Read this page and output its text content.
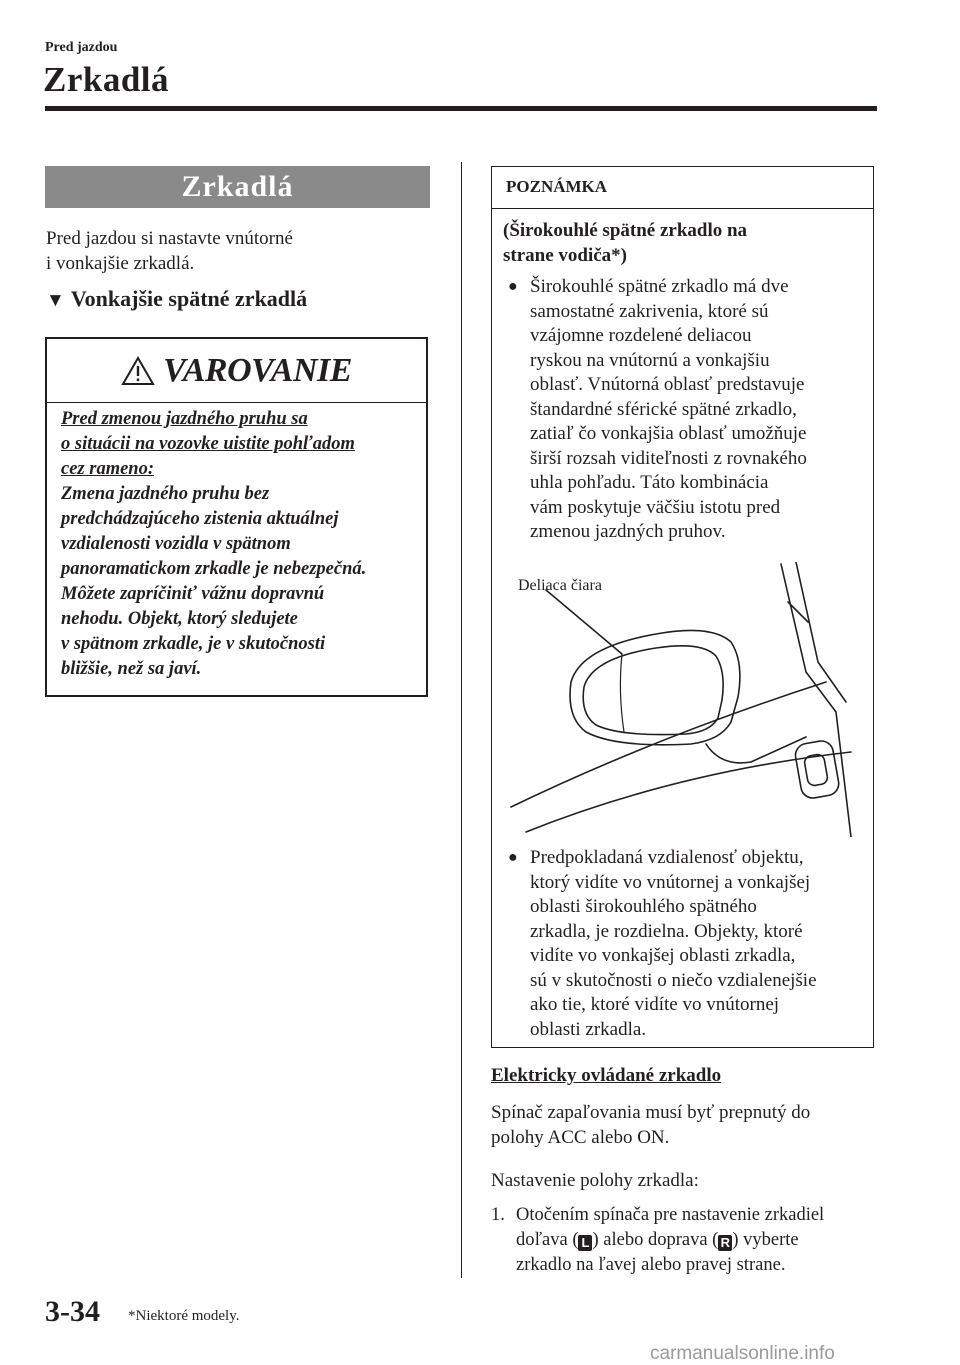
Pred jazdou
Zrkadlá
Zrkadlá
Pred jazdou si nastavte vnútorné
i vonkajšie zrkadlá.
▼ Vonkajšie spätné zrkadlá
VAROVANIE
Pred zmenou jazdného pruhu sa
o situácii na vozovke uistite pohľadom
cez rameno:
Zmena jazdného pruhu bez
predchádzajúceho zistenia aktuálnej
vzdialenosti vozidla v spätnom
panoramatickom zrkadle je nebezpečná.
Môžete zapríčiniť vážnu dopravnú
nehodu. Objekt, ktorý sledujete
v spätnom zrkadle, je v skutočnosti
bližšie, než sa javí.
POZNÁMKA
(Širokouhlé spätné zrkadlo na
strane vodiča*)
● Širokouhlé spätné zrkadlo má dve
samostatné zakrivenia, ktoré sú
vzájomne rozdelené deliacou
ryskou na vnútornú a vonkajšiu
oblasť. Vnútorná oblasť predstavuje
štandardné sférické spätné zrkadlo,
zatiaľ čo vonkajšia oblasť umožňuje
širší rozsah viditeľnosti z rovnakého
uhla pohľadu. Táto kombinácia
vám poskytuje väčšiu istotu pred
zmenou jazdných pruhov.
Deliaca čiara
● Predpokladaná vzdialenosť objektu,
ktorý vidíte vo vnútornej a vonkajšej
oblasti širokouhlého spätného
zrkadla, je rozdielna. Objekty, ktoré
vidíte vo vonkajšej oblasti zrkadla,
sú v skutočnosti o niečo vzdialenejšie
ako tie, ktoré vidíte vo vnútornej
oblasti zrkadla.
Elektricky ovládané zrkadlo
Spínač zapaľovania musí byť prepnutý do
polohy ACC alebo ON.
Nastavenie polohy zrkadla:
1. Otočením spínača pre nastavenie zrkadiel
doľava ( L ) alebo doprava ( R ) vyberte
zrkadlo na ľavej alebo pravej strane.
3-34 *Niektoré modely.
carmanualsonline.info
